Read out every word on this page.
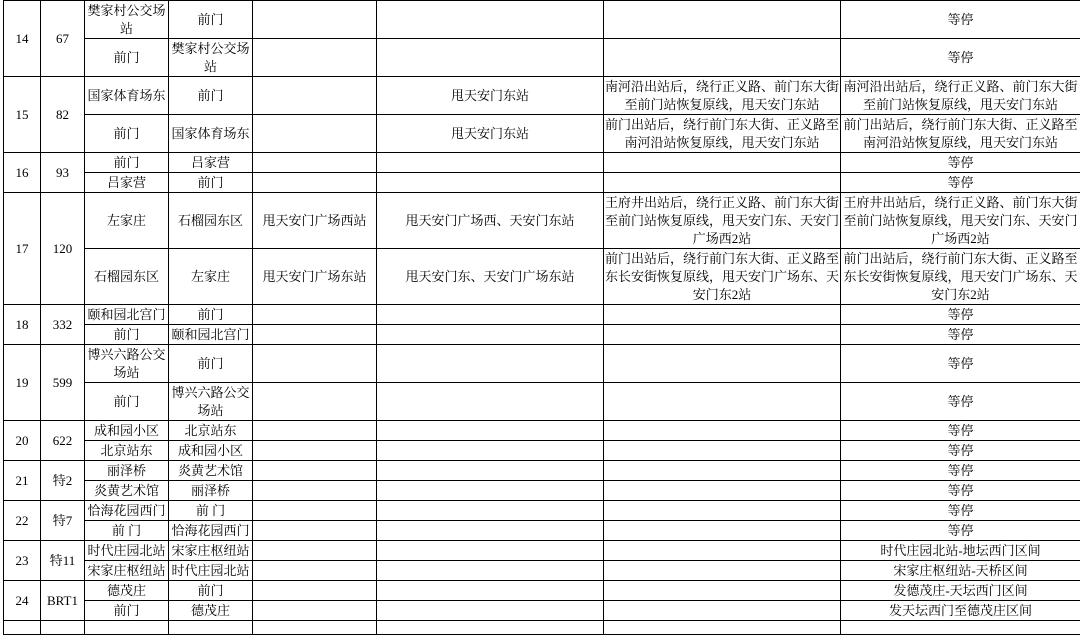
14	67	樊家村公交场站	前门				等停
		前门	樊家村公交场站				等停
15	82	国家体育场东	前门		甩天安门东站	南河沿出站后，绕行正义路、前门东大街至前门站恢复原线，甩天安门东站	南河沿出站后，绕行正义路、前门东大街至前门站恢复原线，甩天安门东站
		前门	国家体育场东		甩天安门东站	前门出站后，绕行前门东大街、正义路至南河沿站恢复原线，甩天安门东站	前门出站后，绕行前门东大街、正义路至南河沿站恢复原线，甩天安门东站
16	93	前门	吕家营				等停
		吕家营	前门				等停
17	120	左家庄	石榴园东区	甩天安门广场西站	甩天安门广场西、天安门东站	王府井出站后，绕行正义路、前门东大街至前门站恢复原线，甩天安门东、天安门广场西2站	王府井出站后，绕行正义路、前门东大街至前门站恢复原线，甩天安门东、天安门广场西2站
		石榴园东区	左家庄	甩天安门广场东站	甩天安门东、天安门广场东站	前门出站后，绕行前门东大街、正义路至东长安街恢复原线，甩天安门广场东、天安门东2站	前门出站后，绕行前门东大街、正义路至东长安街恢复原线，甩天安门广场东、天安门东2站
18	332	颐和园北宫门	前门				等停
		前门	颐和园北宫门				等停
19	599	博兴六路公交场站	前门				等停
		前门	博兴六路公交场站				等停
20	622	成和园小区	北京站东				等停
		北京站东	成和园小区				等停
21	特2	丽泽桥	炎黄艺术馆				等停
		炎黄艺术馆	丽泽桥				等停
22	特7	恰海花园西门	前 门				等停
		前 门	恰海花园西门				等停
23	特11	时代庄园北站	宋家庄枢纽站				时代庄园北站-地坛西门区间
		宋家庄枢纽站	时代庄园北站				宋家庄枢纽站-天桥区间
24	BRT1	德茂庄	前门				发德茂庄-天坛西门区间
		前门	德茂庄				发天坛西门至德茂庄区间
